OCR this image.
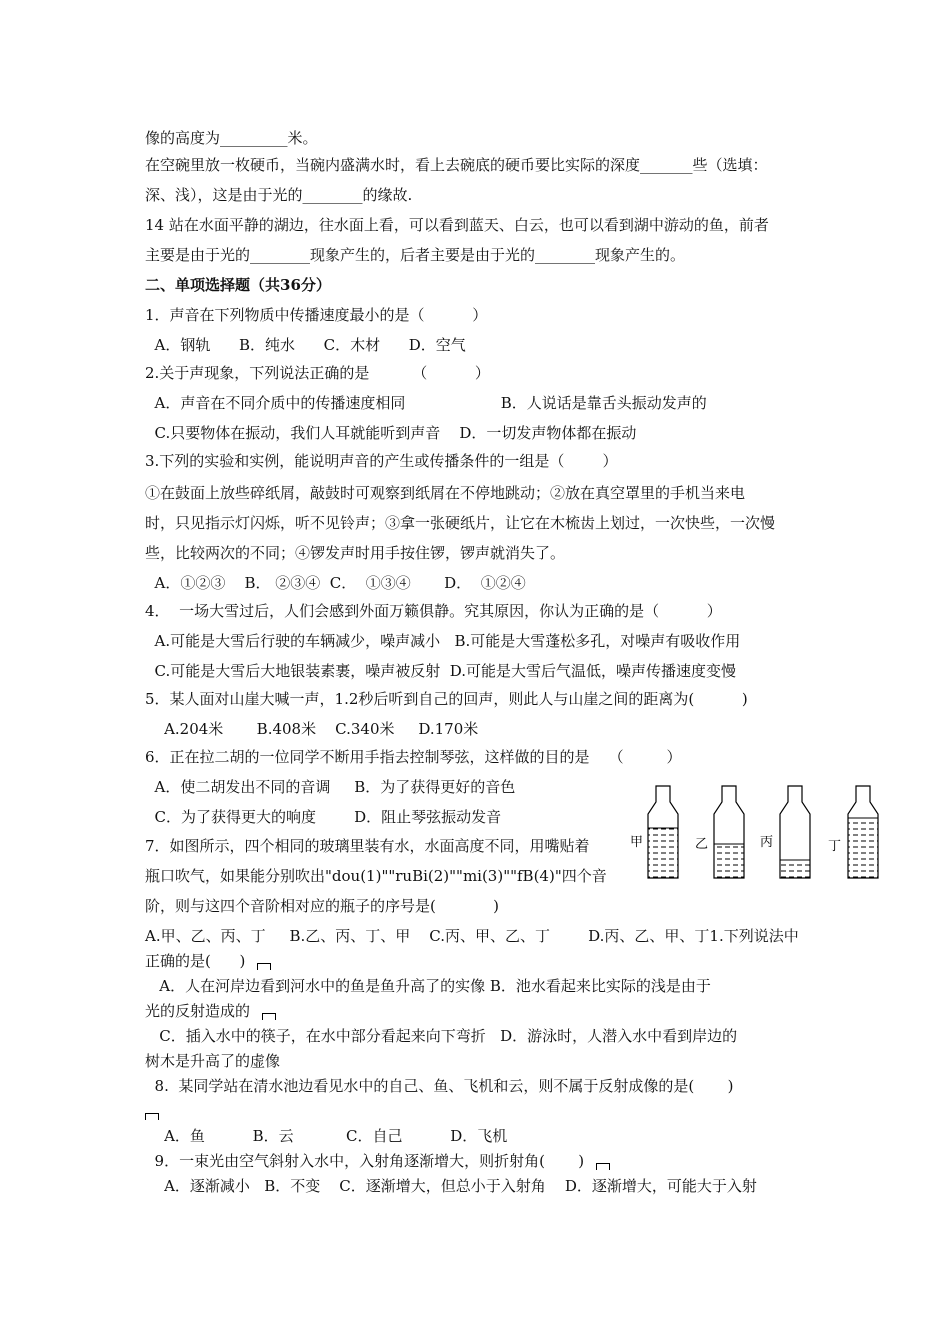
像的高度为_________米。
在空碗里放一枚硬币，当碗内盛满水时，看上去碗底的硬币要比实际的深度_______些（选填：
深、浅），这是由于光的________的缘故.
14 站在水面平静的湖边，往水面上看，可以看到蓝天、白云，也可以看到湖中游动的鱼，前者
主要是由于光的________现象产生的，后者主要是由于光的________现象产生的。
二、单项选择题（共36分）
1．声音在下列物质中传播速度最小的是（          ）
A．钢轨      B．纯水      C．木材      D．空气
2.关于声现象，下列说法正确的是         （          ）
A．声音在不同介质中的传播速度相同                    B．人说话是靠舌头振动发声的
C.只要物体在振动，我们人耳就能听到声音    D．一切发声物体都在振动
3.下列的实验和实例，能说明声音的产生或传播条件的一组是（        ）
①在鼓面上放些碎纸屑，敲鼓时可观察到纸屑在不停地跳动；②放在真空罩里的手机当来电
时，只见指示灯闪烁，听不见铃声；③拿一张硬纸片，让它在木梳齿上划过，一次快些，一次慢
些，比较两次的不同；④锣发声时用手按住锣，锣声就消失了。
A．①②③    B． ②③④  C．  ①③④       D．  ①②④
4．  一场大雪过后，人们会感到外面万籁俱静。究其原因，你认为正确的是（          ）
A.可能是大雪后行驶的车辆减少，噪声减小   B.可能是大雪蓬松多孔，对噪声有吸收作用
C.可能是大雪后大地银装素裹，噪声被反射  D.可能是大雪后气温低，噪声传播速度变慢
5．某人面对山崖大喊一声，1.2秒后听到自己的回声，则此人与山崖之间的距离为(          )
A.204米       B.408米    C.340米     D.170米
6．正在拉二胡的一位同学不断用手指去控制琴弦，这样做的目的是    （         ）
A．使二胡发出不同的音调     B．为了获得更好的音色
C．为了获得更大的响度        D．阻止琴弦振动发音
7．如图所示，四个相同的玻璃里装有水，水面高度不同，用嘴贴着
瓶口吹气，如果能分别吹出"dou(1)""ruBi(2)""mi(3)""fB(4)"四个音
阶，则与这四个音阶相对应的瓶子的序号是(            )
A.甲、乙、丙、丁     B.乙、丙、丁、甲    C.丙、甲、乙、丁        D.丙、乙、甲、丁1.下列说法中
正确的是(      )
A．人在河岸边看到河水中的鱼是鱼升高了的实像 B．池水看起来比实际的浅是由于
光的反射造成的
C．插入水中的筷子，在水中部分看起来向下弯折   D．游泳时，人潜入水中看到岸边的
树木是升高了的虚像
8.  某同学站在清水池边看见水中的自己、鱼、飞机和云，则不属于反射成像的是(       )
A．鱼          B．云           C．自己          D．飞机
9．一束光由空气斜射入水中，入射角逐渐增大，则折射角(       )
A．逐渐减小   B．不变    C．逐渐增大，但总小于入射角    D．逐渐增大，可能大于入射
甲	乙	丙	丁
